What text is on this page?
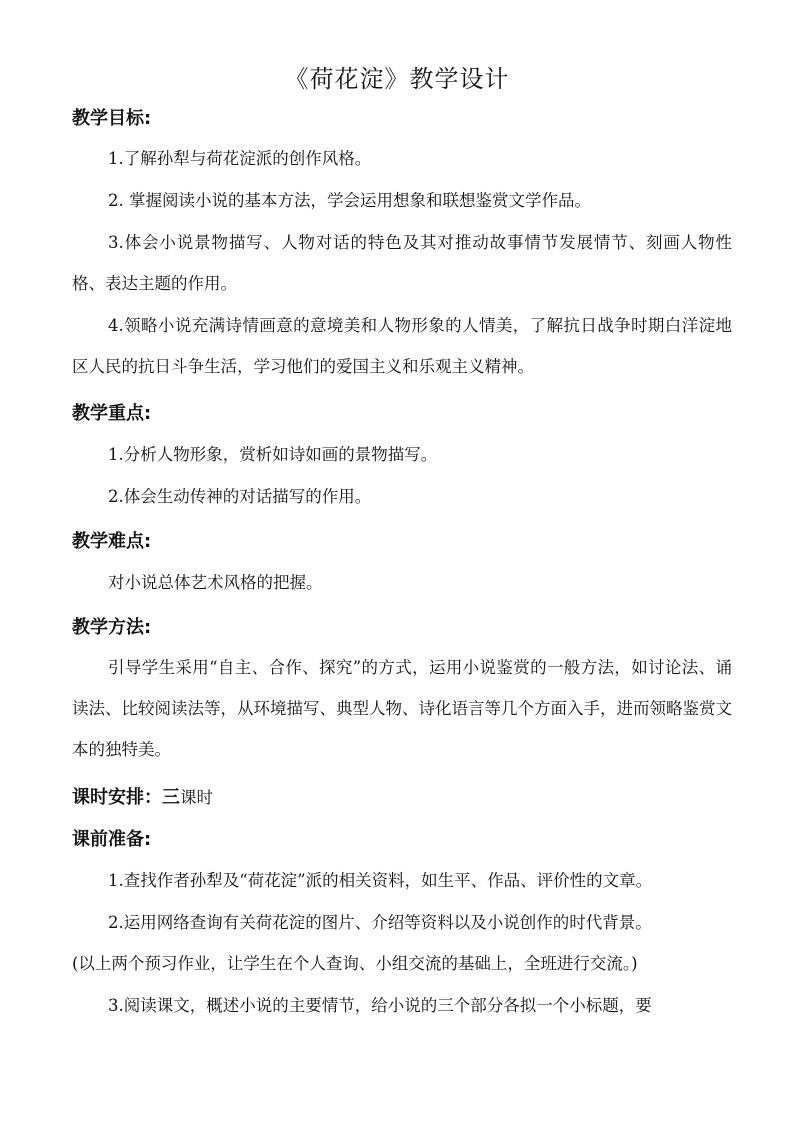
《荷花淀》教学设计
教学目标:

1.了解孙犁与荷花淀派的创作风格。

2. 掌握阅读小说的基本方法，学会运用想象和联想鉴赏文学作品。

3.体会小说景物描写、人物对话的特色及其对推动故事情节发展情节、刻画人物性格、表达主题的作用。

4.领略小说充满诗情画意的意境美和人物形象的人情美，了解抗日战争时期白洋淀地区人民的抗日斗争生活，学习他们的爱国主义和乐观主义精神。

教学重点:

1.分析人物形象，赏析如诗如画的景物描写。

2.体会生动传神的对话描写的作用。

教学难点:

对小说总体艺术风格的把握。

教学方法:

引导学生采用“自主、合作、探究”的方式，运用小说鉴赏的一般方法，如讨论法、诵读法、比较阅读法等，从环境描写、典型人物、诗化语言等几个方面入手，进而领略鉴赏文本的独特美。

课时安排：三课时
课前准备:

1.查找作者孙犁及“荷花淀”派的相关资料，如生平、作品、评价性的文章。

2.运用网络查询有关荷花淀的图片、介绍等资料以及小说创作的时代背景。

(以上两个预习作业，让学生在个人查询、小组交流的基础上，全班进行交流。)

3.阅读课文，概述小说的主要情节，给小说的三个部分各拟一个小标题，要
